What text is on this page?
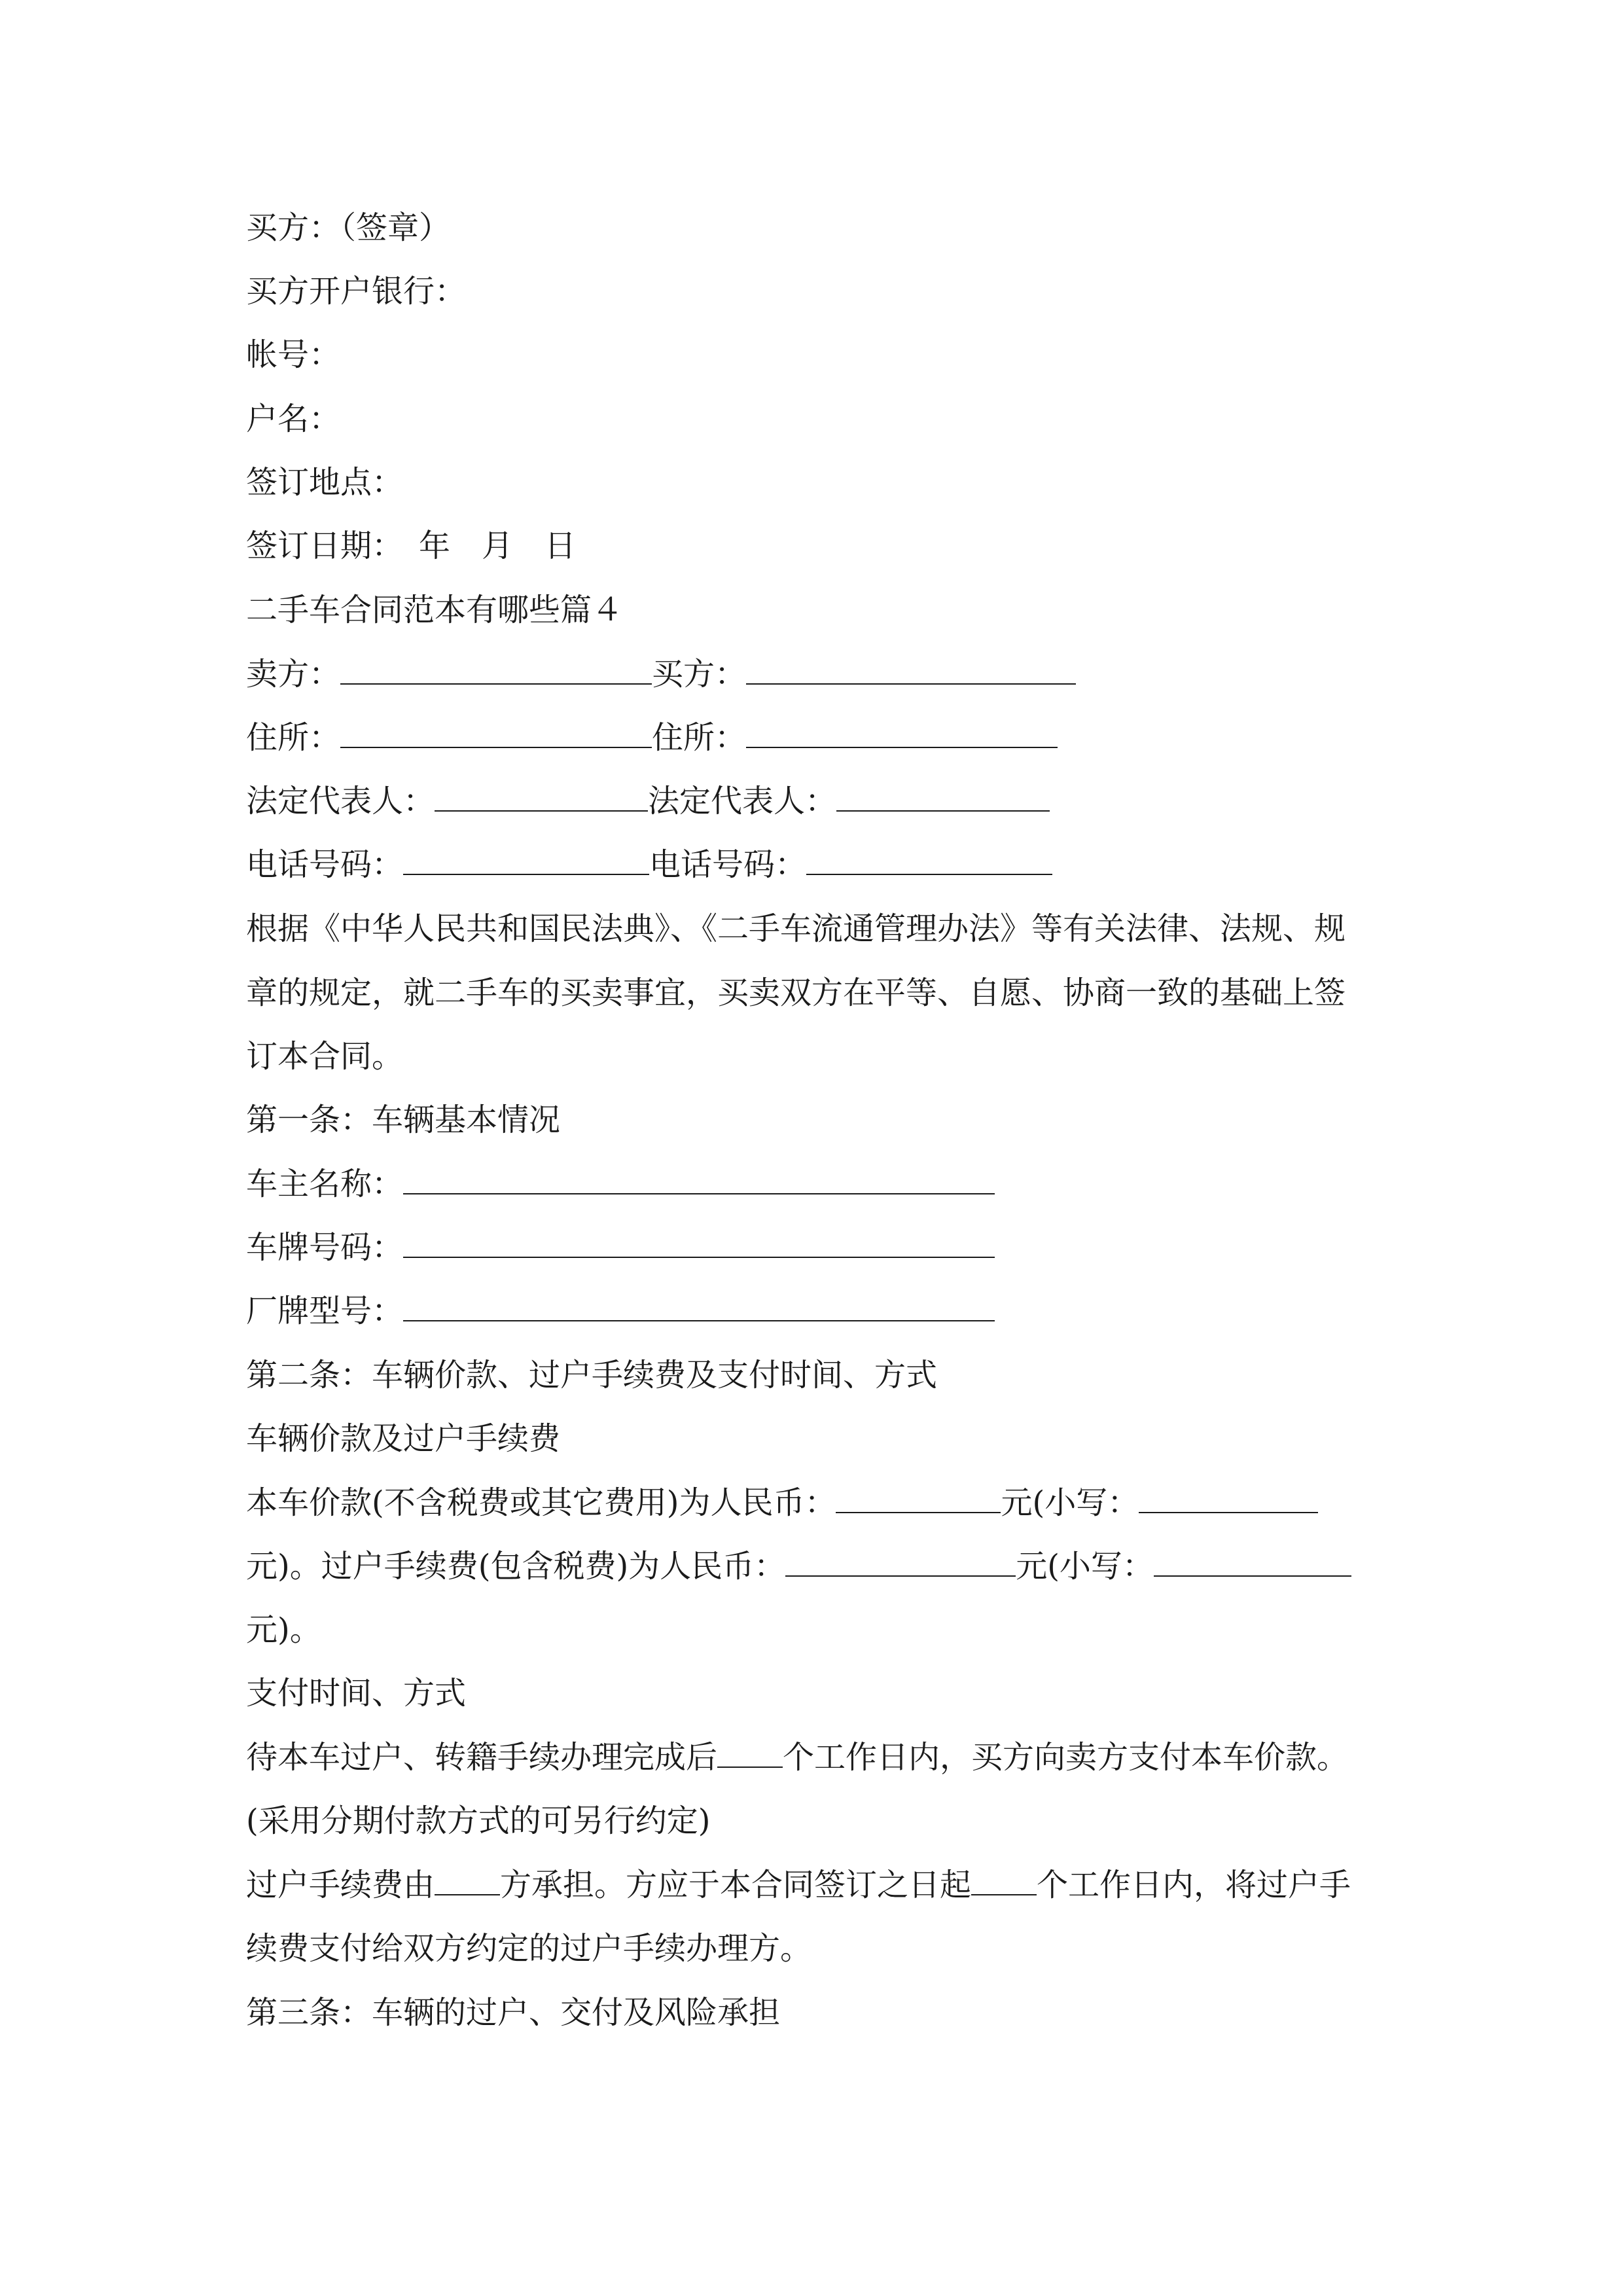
买方：（签章）
买方开户银行：
帐号：
户名：
签订地点：
签订日期：　年　月　日
二手车合同范本有哪些篇４
卖方：	买方：
住所：	住所：
法定代表人：	法定代表人：
电话号码：	电话号码：
根据《中华人民共和国民法典》、《二手车流通管理办法》等有关法律、法规、规
章的规定，就二手车的买卖事宜，买卖双方在平等、自愿、协商一致的基础上签
订本合同。
第一条：车辆基本情况
车主名称：
车牌号码：
厂牌型号：
第二条：车辆价款、过户手续费及支付时间、方式
车辆价款及过户手续费
本车价款(不含税费或其它费用)为人民币：	元(小写：
元)。过户手续费(包含税费)为人民币：	元(小写：
元)。
支付时间、方式
待本车过户、转籍手续办理完成后 个工作日内，买方向卖方支付本车价款。
(采用分期付款方式的可另行约定)
过户手续费由 方承担。方应于本合同签订之日起 个工作日内，将过户手
续费支付给双方约定的过户手续办理方。
第三条：车辆的过户、交付及风险承担
